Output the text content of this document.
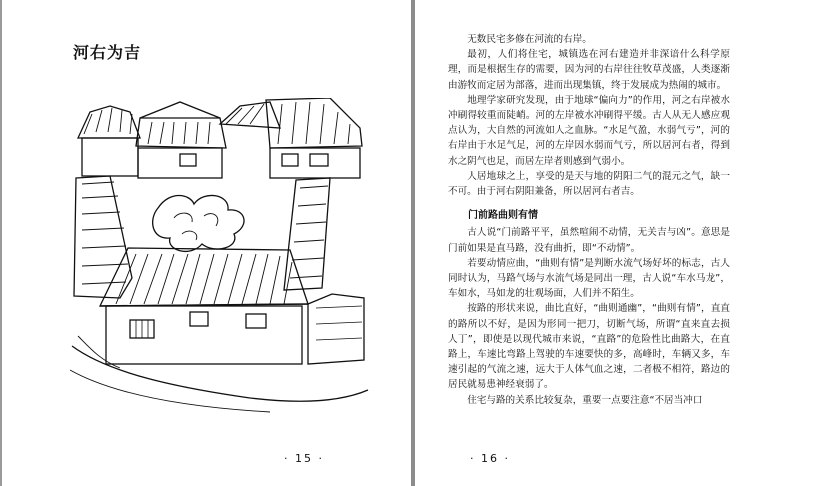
河右为吉
· 15 ·

无数民宅多修在河流的右岸。

最初，人们将住宅，城镇选在河右建造并非深谙什么科学原理，而是根据生存的需要，因为河的右岸往往牧草茂盛，人类逐渐由游牧而定居为部落，进而出现集镇，终于发展成为热闹的城市。

地理学家研究发现，由于地球“偏向力”的作用，河之右岸被水冲刷得较重而陡峭。河的左岸被水冲刷得平缓。古人从无人感应观点认为，大自然的河流如人之血脉。“水足气盈，水弱气亏”，河的右岸由于水足气足，河的左岸因水弱而气亏，所以居河右者，得到水之阴气也足，而居左岸者则感到气弱小。

人居地球之上，享受的是天与地的阴阳二气的混元之气，缺一不可。由于河右阴阳兼备，所以居河右者吉。

门前路曲则有情

古人说“门前路平平，虽然喧闹不动情，无关吉与凶”。意思是门前如果是直马路，没有曲折，即“不动情”。

若要动情应曲，“曲则有情”是判断水流气场好坏的标志，古人同时认为，马路气场与水流气场是同出一理，古人说“车水马龙”，车如水，马如龙的壮观场面，人们并不陌生。

按路的形状来说，曲比直好，“曲则通幽”，“曲则有情”，直直的路所以不好，是因为形同一把刀，切断气场，所谓“直来直去损人丁”，即使是以现代城市来说，“直路”的危险性比曲路大，在直路上，车速比弯路上驾驶的车速要快的多，高峰时，车辆又多，车速引起的气流之速，远大于人体气血之速，二者极不相符，路边的居民就易患神经衰弱了。

住宅与路的关系比较复杂，重要一点要注意“不居当冲口

· 16 ·
